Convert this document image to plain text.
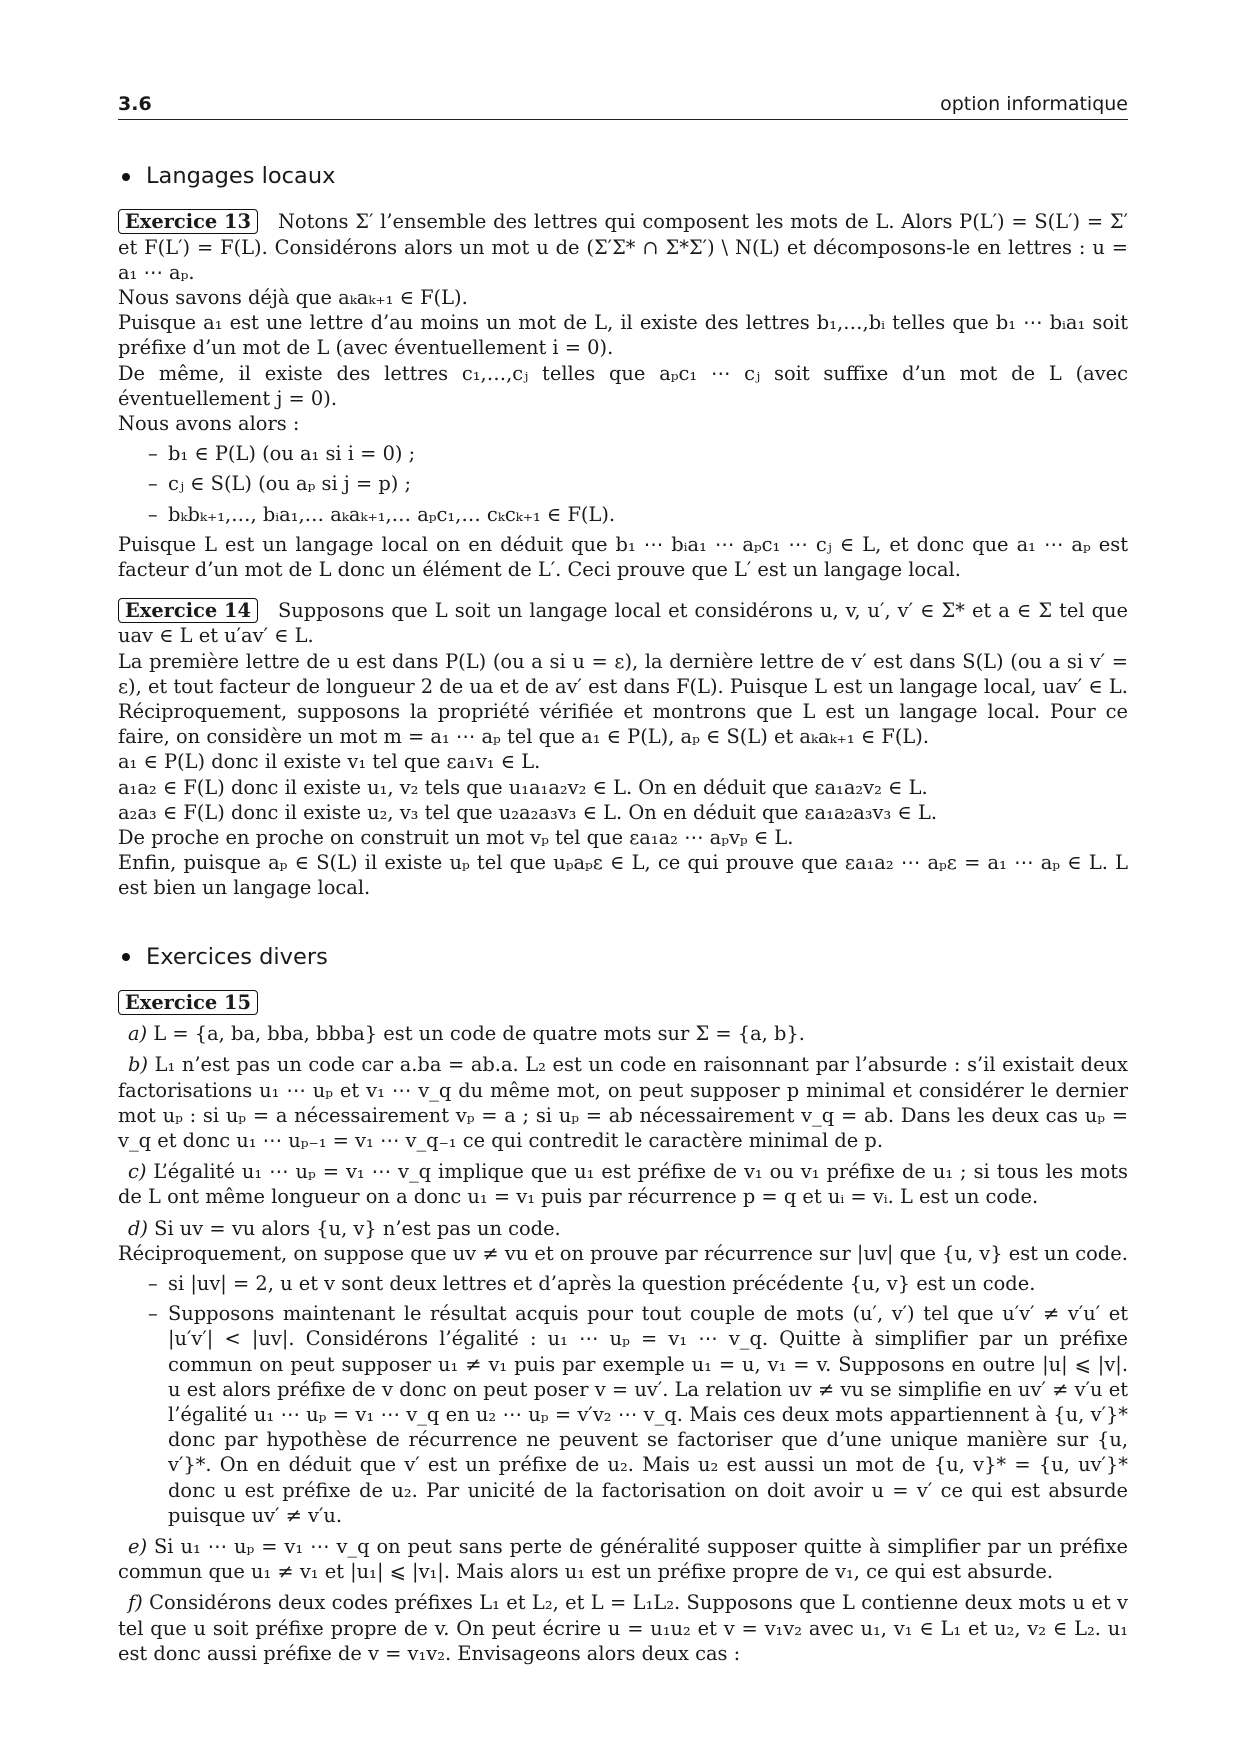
3.6	option informatique
Langages locaux

Exercice 13 Notons Σ′ l’ensemble des lettres qui composent les mots de L. Alors P(L′) = S(L′) = Σ′ et F(L′) = F(L). Considérons alors un mot u de (Σ′Σ* ∩ Σ*Σ′) \ N(L) et décomposons-le en lettres : u = a₁ ⋯ aₚ.

Nous savons déjà que aₖaₖ₊₁ ∈ F(L).

Puisque a₁ est une lettre d’au moins un mot de L, il existe des lettres b₁,…,bᵢ telles que b₁ ⋯ bᵢa₁ soit préfixe d’un mot de L (avec éventuellement i = 0).

De même, il existe des lettres c₁,…,cⱼ telles que aₚc₁ ⋯ cⱼ soit suffixe d’un mot de L (avec éventuellement j = 0).

Nous avons alors :

– b₁ ∈ P(L) (ou a₁ si i = 0) ;
– cⱼ ∈ S(L) (ou aₚ si j = p) ;
– bₖbₖ₊₁,…, bᵢa₁,… aₖaₖ₊₁,… aₚc₁,… cₖcₖ₊₁ ∈ F(L).

Puisque L est un langage local on en déduit que b₁ ⋯ bᵢa₁ ⋯ aₚc₁ ⋯ cⱼ ∈ L, et donc que a₁ ⋯ aₚ est facteur d’un mot de L donc un élément de L′. Ceci prouve que L′ est un langage local.

Exercice 14 Supposons que L soit un langage local et considérons u, v, u′, v′ ∈ Σ* et a ∈ Σ tel que uav ∈ L et u′av′ ∈ L.

La première lettre de u est dans P(L) (ou a si u = ε), la dernière lettre de v′ est dans S(L) (ou a si v′ = ε), et tout facteur de longueur 2 de ua et de av′ est dans F(L). Puisque L est un langage local, uav′ ∈ L.

Réciproquement, supposons la propriété vérifiée et montrons que L est un langage local. Pour ce faire, on considère un mot m = a₁ ⋯ aₚ tel que a₁ ∈ P(L), aₚ ∈ S(L) et aₖaₖ₊₁ ∈ F(L).

a₁ ∈ P(L) donc il existe v₁ tel que εa₁v₁ ∈ L.

a₁a₂ ∈ F(L) donc il existe u₁, v₂ tels que u₁a₁a₂v₂ ∈ L. On en déduit que εa₁a₂v₂ ∈ L.

a₂a₃ ∈ F(L) donc il existe u₂, v₃ tel que u₂a₂a₃v₃ ∈ L. On en déduit que εa₁a₂a₃v₃ ∈ L.

De proche en proche on construit un mot vₚ tel que εa₁a₂ ⋯ aₚvₚ ∈ L.

Enfin, puisque aₚ ∈ S(L) il existe uₚ tel que uₚaₚε ∈ L, ce qui prouve que εa₁a₂ ⋯ aₚε = a₁ ⋯ aₚ ∈ L. L est bien un langage local.

Exercices divers

Exercice 15

a) L = {a, ba, bba, bbba} est un code de quatre mots sur Σ = {a, b}.

b) L₁ n’est pas un code car a.ba = ab.a. L₂ est un code en raisonnant par l’absurde : s’il existait deux factorisations u₁ ⋯ uₚ et v₁ ⋯ v_q du même mot, on peut supposer p minimal et considérer le dernier mot uₚ : si uₚ = a nécessairement vₚ = a ; si uₚ = ab nécessairement v_q = ab. Dans les deux cas uₚ = v_q et donc u₁ ⋯ uₚ₋₁ = v₁ ⋯ v_q₋₁ ce qui contredit le caractère minimal de p.

c) L’égalité u₁ ⋯ uₚ = v₁ ⋯ v_q implique que u₁ est préfixe de v₁ ou v₁ préfixe de u₁ ; si tous les mots de L ont même longueur on a donc u₁ = v₁ puis par récurrence p = q et uᵢ = vᵢ. L est un code.

d) Si uv = vu alors {u, v} n’est pas un code.

Réciproquement, on suppose que uv ≠ vu et on prouve par récurrence sur |uv| que {u, v} est un code.

– si |uv| = 2, u et v sont deux lettres et d’après la question précédente {u, v} est un code.
– Supposons maintenant le résultat acquis pour tout couple de mots (u′, v′) tel que u′v′ ≠ v′u′ et |u′v′| < |uv|. Considérons l’égalité : u₁ ⋯ uₚ = v₁ ⋯ v_q. Quitte à simplifier par un préfixe commun on peut supposer u₁ ≠ v₁ puis par exemple u₁ = u, v₁ = v. Supposons en outre |u| ⩽ |v|. u est alors préfixe de v donc on peut poser v = uv′. La relation uv ≠ vu se simplifie en uv′ ≠ v′u et l’égalité u₁ ⋯ uₚ = v₁ ⋯ v_q en u₂ ⋯ uₚ = v′v₂ ⋯ v_q. Mais ces deux mots appartiennent à {u, v′}* donc par hypothèse de récurrence ne peuvent se factoriser que d’une unique manière sur {u, v′}*. On en déduit que v′ est un préfixe de u₂. Mais u₂ est aussi un mot de {u, v}* = {u, uv′}* donc u est préfixe de u₂. Par unicité de la factorisation on doit avoir u = v′ ce qui est absurde puisque uv′ ≠ v′u.

e) Si u₁ ⋯ uₚ = v₁ ⋯ v_q on peut sans perte de généralité supposer quitte à simplifier par un préfixe commun que u₁ ≠ v₁ et |u₁| ⩽ |v₁|. Mais alors u₁ est un préfixe propre de v₁, ce qui est absurde.

f) Considérons deux codes préfixes L₁ et L₂, et L = L₁L₂. Supposons que L contienne deux mots u et v tel que u soit préfixe propre de v. On peut écrire u = u₁u₂ et v = v₁v₂ avec u₁, v₁ ∈ L₁ et u₂, v₂ ∈ L₂. u₁ est donc aussi préfixe de v = v₁v₂. Envisageons alors deux cas :
